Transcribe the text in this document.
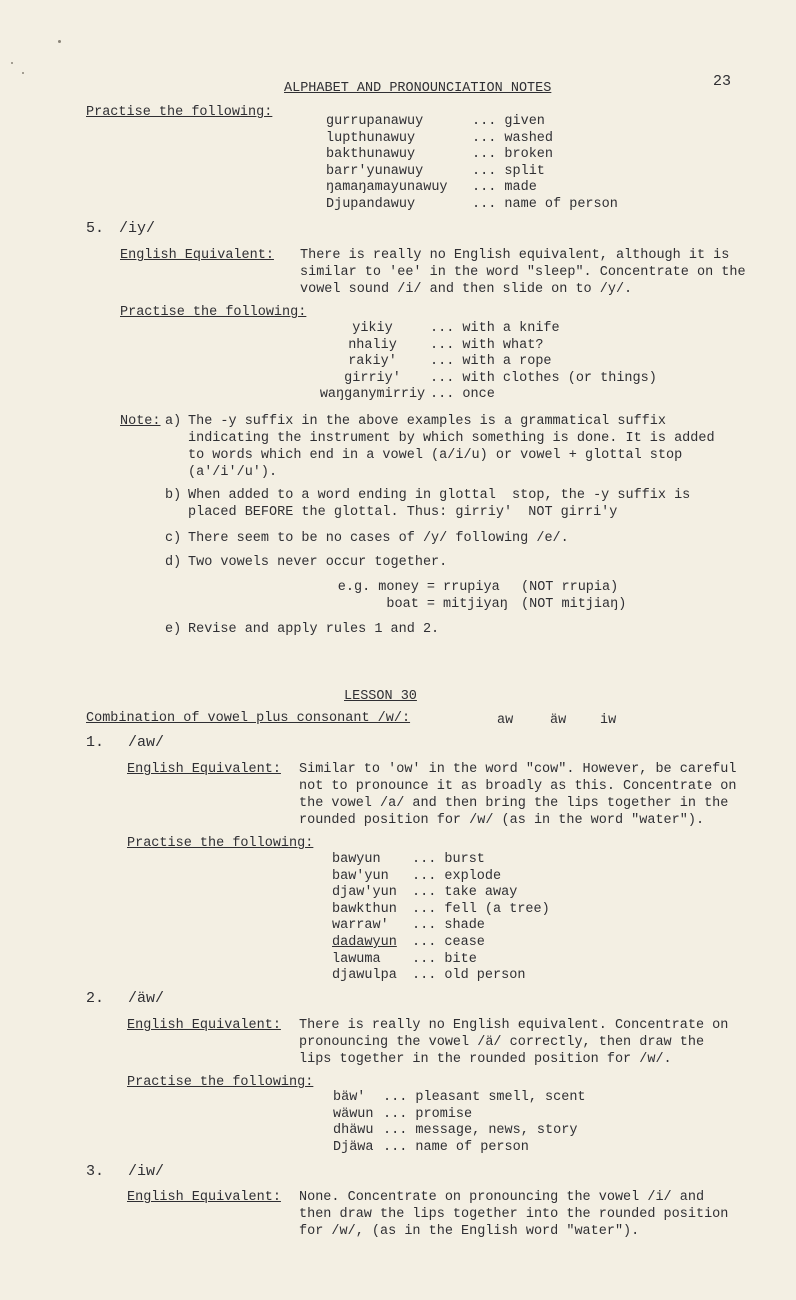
ALPHABET AND PRONOUNCIATION NOTES	23
Practise the following:
gurrupanawuy	... given
lupthunawuy	... washed
bakthunawuy	... broken
barr'yunawuy	... split
ŋamaŋamayunawuy	... made
Djupandawuy	... name of person
5. /iy/
English Equivalent: There is really no English equivalent, although it is
similar to 'ee' in the word "sleep". Concentrate on the
vowel sound /i/ and then slide on to /y/.
Practise the following:
yikiy	... with a knife
nhaliy	... with what?
rakiy'	... with a rope
girriy'	... with clothes (or things)
waŋganymirriy ... once
Note: a) The -y suffix in the above examples is a grammatical suffix
indicating the instrument by which something is done. It is added
to words which end in a vowel (a/i/u) or vowel + glottal stop
(a'/i'/u').
b) When added to a word ending in glottal  stop, the -y suffix is
placed BEFORE the glottal. Thus: girriy'  NOT girri'y
c) There seem to be no cases of /y/ following /e/.
d) Two vowels never occur together.
e.g. money = rrupiya	(NOT rrupia)
boat = mitjiyaŋ (NOT mitjiaŋ)
e) Revise and apply rules 1 and 2.
LESSON 30
Combination of vowel plus consonant /w/:	aw	äw	iw
1. /aw/
English Equivalent: Similar to 'ow' in the word "cow". However, be careful
not to pronounce it as broadly as this. Concentrate on
the vowel /a/ and then bring the lips together in the
rounded position for /w/ (as in the word "water").
Practise the following:
bawyun	... burst
baw'yun	... explode
djaw'yun	... take away
bawkthun	... fell (a tree)
warraw'	... shade
dadawyun	... cease
lawuma	... bite
djawulpa	... old person
2. /äw/
English Equivalent: There is really no English equivalent. Concentrate on
pronouncing the vowel /ä/ correctly, then draw the
lips together in the rounded position for /w/.
Practise the following:
bäw'	... pleasant smell, scent
wäwun ... promise
dhäwu ... message, news, story
Djäwa ... name of person
3. /iw/
English Equivalent: None. Concentrate on pronouncing the vowel /i/ and
then draw the lips together into the rounded position
for /w/, (as in the English word "water").
